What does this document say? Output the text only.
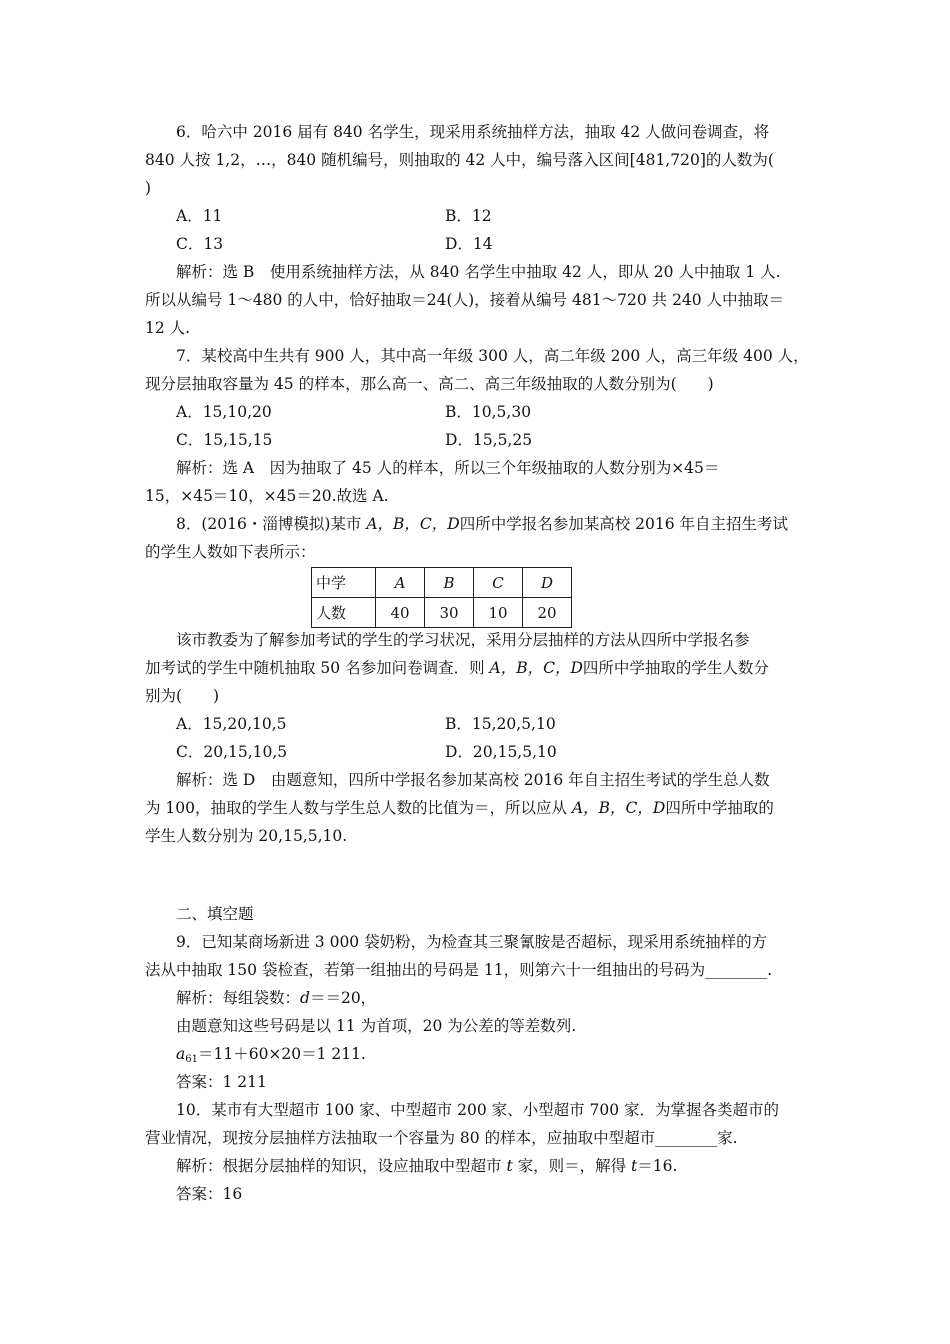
6．哈六中 2016 届有 840 名学生，现采用系统抽样方法，抽取 42 人做问卷调查，将
840 人按 1,2，…，840 随机编号，则抽取的 42 人中，编号落入区间[481,720]的人数为(
)
A．11	B．12
C．13	D．14
解析：选 B　使用系统抽样方法，从 840 名学生中抽取 42 人，即从 20 人中抽取 1 人.
所以从编号 1～480 的人中，恰好抽取＝24(人)，接着从编号 481～720 共 240 人中抽取＝
12 人.
7．某校高中生共有 900 人，其中高一年级 300 人，高二年级 200 人，高三年级 400 人，
现分层抽取容量为 45 的样本，那么高一、高二、高三年级抽取的人数分别为(　　)
A．15,10,20	B．10,5,30
C．15,15,15	D．15,5,25
解析：选 A　因为抽取了 45 人的样本，所以三个年级抽取的人数分别为×45＝
15，×45＝10，×45＝20.故选 A.
8．(2016・淄博模拟)某市 A，B，C，D四所中学报名参加某高校 2016 年自主招生考试
的学生人数如下表所示：
中学	A	B	C	D
人数	40	30	10	20
该市教委为了解参加考试的学生的学习状况，采用分层抽样的方法从四所中学报名参
加考试的学生中随机抽取 50 名参加问卷调查．则 A，B，C，D四所中学抽取的学生人数分
别为(　　)
A．15,20,10,5	B．15,20,5,10
C．20,15,10,5	D．20,15,5,10
解析：选 D　由题意知，四所中学报名参加某高校 2016 年自主招生考试的学生总人数
为 100，抽取的学生人数与学生总人数的比值为＝，所以应从 A，B，C，D四所中学抽取的
学生人数分别为 20,15,5,10.
二、填空题
9．已知某商场新进 3 000 袋奶粉，为检查其三聚氰胺是否超标，现采用系统抽样的方
法从中抽取 150 袋检查，若第一组抽出的号码是 11，则第六十一组抽出的号码为________.
解析：每组袋数：d＝＝20，
由题意知这些号码是以 11 为首项，20 为公差的等差数列.
$a_{61}=11+60\times 20=1$ 211.
答案：1 211
10．某市有大型超市 100 家、中型超市 200 家、小型超市 700 家．为掌握各类超市的
营业情况，现按分层抽样方法抽取一个容量为 80 的样本，应抽取中型超市________家.
解析：根据分层抽样的知识，设应抽取中型超市 t 家，则＝，解得 t＝16.
答案：16
